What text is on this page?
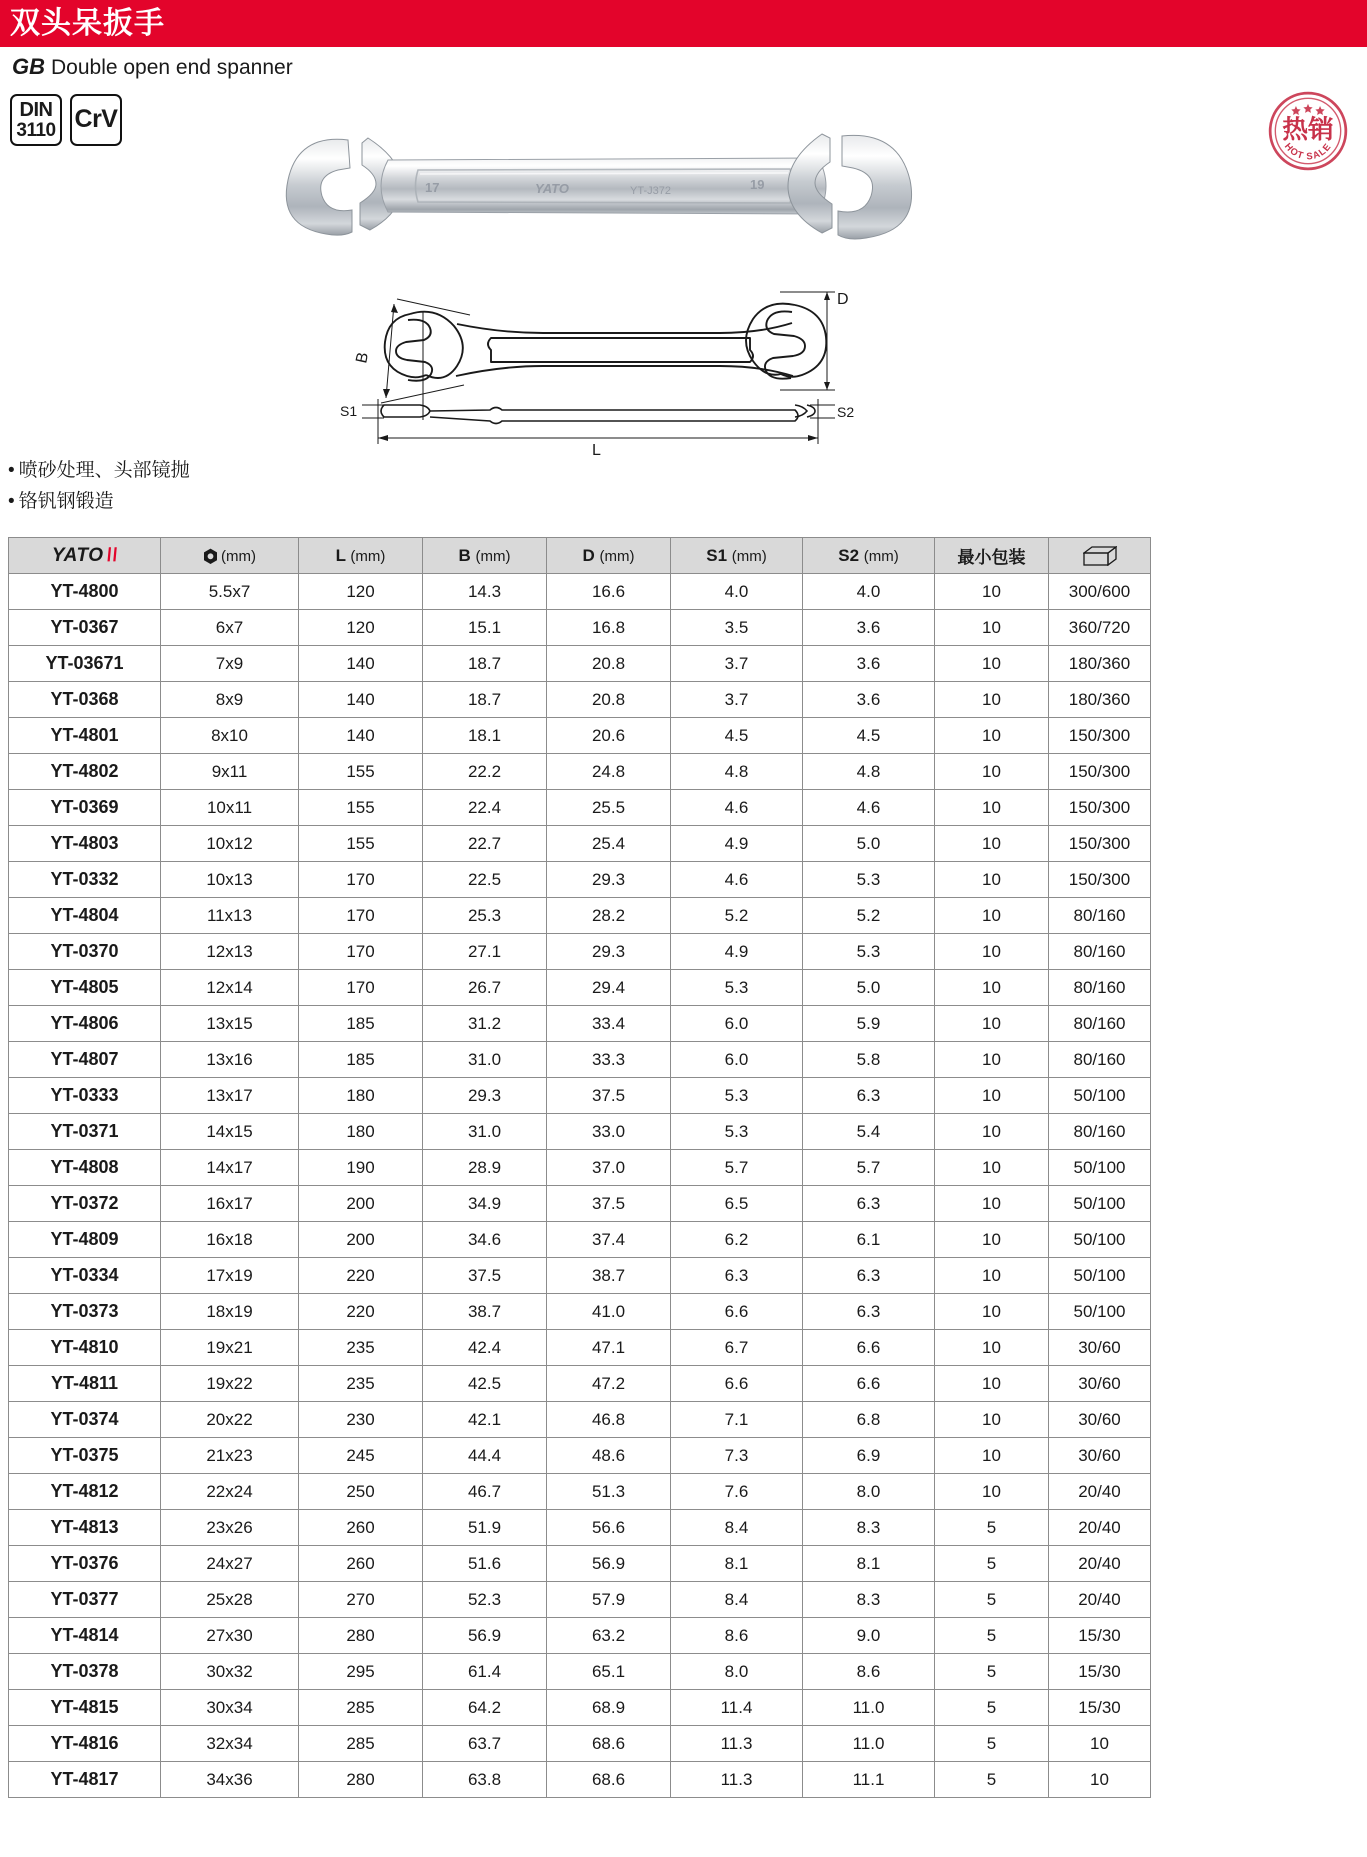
双头呆扳手
GB Double open end spanner
DIN
3110 CrV	热销
HOT SALE
17	YATO	YT-J372	19
B
D
S1	S2
L
• 喷砂处理、头部镜抛
• 铬钒钢锻造
YATO \\	(mm)	L (mm)	B (mm)	D (mm)	S1 (mm)	S2 (mm)	最小包装	
YT-4800	5.5x7	120	14.3	16.6	4.0	4.0	10	300/600
YT-0367	6x7	120	15.1	16.8	3.5	3.6	10	360/720
YT-03671	7x9	140	18.7	20.8	3.7	3.6	10	180/360
YT-0368	8x9	140	18.7	20.8	3.7	3.6	10	180/360
YT-4801	8x10	140	18.1	20.6	4.5	4.5	10	150/300
YT-4802	9x11	155	22.2	24.8	4.8	4.8	10	150/300
YT-0369	10x11	155	22.4	25.5	4.6	4.6	10	150/300
YT-4803	10x12	155	22.7	25.4	4.9	5.0	10	150/300
YT-0332	10x13	170	22.5	29.3	4.6	5.3	10	150/300
YT-4804	11x13	170	25.3	28.2	5.2	5.2	10	80/160
YT-0370	12x13	170	27.1	29.3	4.9	5.3	10	80/160
YT-4805	12x14	170	26.7	29.4	5.3	5.0	10	80/160
YT-4806	13x15	185	31.2	33.4	6.0	5.9	10	80/160
YT-4807	13x16	185	31.0	33.3	6.0	5.8	10	80/160
YT-0333	13x17	180	29.3	37.5	5.3	6.3	10	50/100
YT-0371	14x15	180	31.0	33.0	5.3	5.4	10	80/160
YT-4808	14x17	190	28.9	37.0	5.7	5.7	10	50/100
YT-0372	16x17	200	34.9	37.5	6.5	6.3	10	50/100
YT-4809	16x18	200	34.6	37.4	6.2	6.1	10	50/100
YT-0334	17x19	220	37.5	38.7	6.3	6.3	10	50/100
YT-0373	18x19	220	38.7	41.0	6.6	6.3	10	50/100
YT-4810	19x21	235	42.4	47.1	6.7	6.6	10	30/60
YT-4811	19x22	235	42.5	47.2	6.6	6.6	10	30/60
YT-0374	20x22	230	42.1	46.8	7.1	6.8	10	30/60
YT-0375	21x23	245	44.4	48.6	7.3	6.9	10	30/60
YT-4812	22x24	250	46.7	51.3	7.6	8.0	10	20/40
YT-4813	23x26	260	51.9	56.6	8.4	8.3	5	20/40
YT-0376	24x27	260	51.6	56.9	8.1	8.1	5	20/40
YT-0377	25x28	270	52.3	57.9	8.4	8.3	5	20/40
YT-4814	27x30	280	56.9	63.2	8.6	9.0	5	15/30
YT-0378	30x32	295	61.4	65.1	8.0	8.6	5	15/30
YT-4815	30x34	285	64.2	68.9	11.4	11.0	5	15/30
YT-4816	32x34	285	63.7	68.6	11.3	11.0	5	10
YT-4817	34x36	280	63.8	68.6	11.3	11.1	5	10
